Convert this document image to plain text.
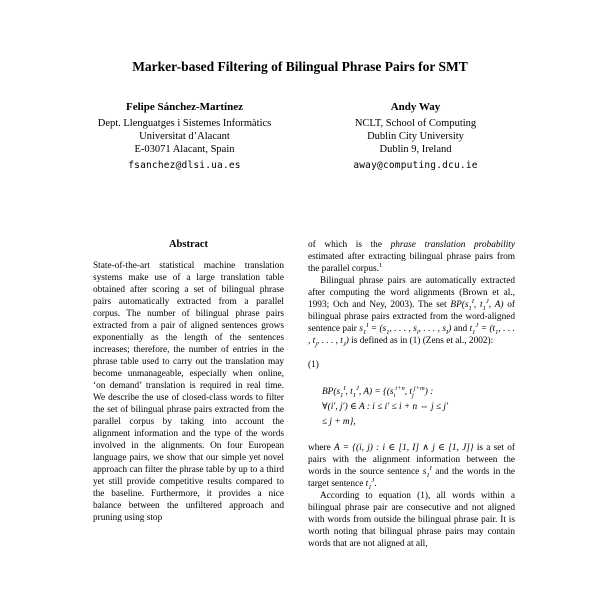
Marker-based Filtering of Bilingual Phrase Pairs for SMT
Felipe Sánchez-Martínez
Dept. Llenguatges i Sistemes Informàtics
Universitat d’Alacant
E-03071 Alacant, Spain
fsanchez@dlsi.ua.es
Andy Way
NCLT, School of Computing
Dublin City University
Dublin 9, Ireland
away@computing.dcu.ie
Abstract

State-of-the-art statistical machine translation systems make use of a large translation table obtained after scoring a set of bilingual phrase pairs automatically extracted from a parallel corpus. The number of bilingual phrase pairs extracted from a pair of aligned sentences grows exponentially as the length of the sentences increases; therefore, the number of entries in the phrase table used to carry out the translation may become unmanageable, especially when online, ‘on demand’ translation is required in real time. We describe the use of closed-class words to filter the set of bilingual phrase pairs extracted from the parallel corpus by taking into account the alignment information and the type of the words involved in the alignments. On four European language pairs, we show that our simple yet novel approach can filter the phrase table by up to a third yet still provide competitive results compared to the baseline. Furthermore, it provides a nice balance between the unfiltered approach and pruning using stop

of which is the phrase translation probability estimated after extracting bilingual phrase pairs from the parallel corpus.$^1$

Bilingual phrase pairs are automatically extracted after computing the word alignments (Brown et al., 1993; Och and Ney, 2003). The set $BP(s_1^I$, $t_1^J$, A) of bilingual phrase pairs extracted from the word-aligned sentence pair $s_1^I = (s_1$, . . . , $s_i$, . . . , $s_I$) and $t_1^J = (t_1$, . . . , $t_j$, . . . , $t_J$) is defined as in (1) (Zens et al., 2002):

(1)

$BP(s_1^I$, $t_1^J$, $A) = \{(s_i^{i+n}$, $t_j^{j+m}$) :
∀(i′, j′) ∈ A : i ≤ i′ ≤ i + n ⇔ j ≤ j′
≤ j + m},

where A = {(i, j) : i ∈ [1, I] ∧ j ∈ [1, J]} is a set of pairs with the alignment information between the words in the source sentence $s_1^I$ and the words in the target sentence $t_1^J$.

According to equation (1), all words within a bilingual phrase pair are consecutive and not aligned with words from outside the bilingual phrase pair. It is worth noting that bilingual phrase pairs may contain words that are not aligned at all,
